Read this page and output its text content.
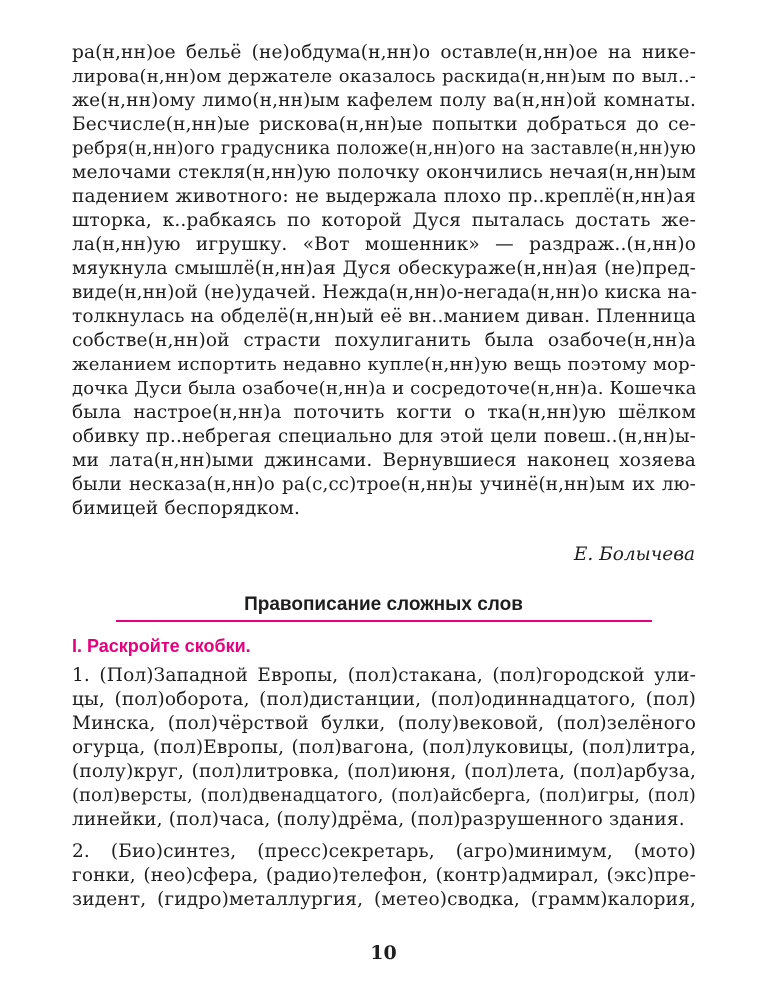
ра(н,нн)ое бельё (не)обдума(н,нн)о оставле(н,нн)ое на нике-
лирова(н,нн)ом держателе оказалось раскида(н,нн)ым по выл..-
же(н,нн)ому лимо(н,нн)ым кафелем полу ва(н,нн)ой комнаты.
Бесчисле(н,нн)ые рискова(н,нн)ые попытки добраться до се-
ребря(н,нн)ого градусника положе(н,нн)ого на заставле(н,нн)ую
мелочами стекля(н,нн)ую полочку окончились нечая(н,нн)ым
падением животного: не выдержала плохо пр..креплё(н,нн)ая
шторка, к..рабкаясь по которой Дуся пыталась достать же-
ла(н,нн)ую игрушку. «Вот мошенник» — раздраж..(н,нн)о
мяукнула смышлё(н,нн)ая Дуся обескураже(н,нн)ая (не)пред-
виде(н,нн)ой (не)удачей. Нежда(н,нн)о-негада(н,нн)о киска на-
толкнулась на обделё(н,нн)ый её вн..манием диван. Пленница
собстве(н,нн)ой страсти похулиганить была озабоче(н,нн)а
желанием испортить недавно купле(н,нн)ую вещь поэтому мор-
дочка Дуси была озабоче(н,нн)а и сосредоточе(н,нн)а. Кошечка
была настрое(н,нн)а поточить когти о тка(н,нн)ую шёлком
обивку пр..небрегая специально для этой цели повеш..(н,нн)ы-
ми лата(н,нн)ыми джинсами. Вернувшиеся наконец хозяева
были несказа(н,нн)о ра(с,сс)трое(н,нн)ы учинё(н,нн)ым их лю-
бимицей беспорядком.
Е. Болычева
Правописание сложных слов
I. Раскройте скобки.
1. (Пол)Западной Европы, (пол)стакана, (пол)городской ули-
цы, (пол)оборота, (пол)дистанции, (пол)одиннадцатого, (пол)
Минска, (пол)чёрствой булки, (полу)вековой, (пол)зелёного
огурца, (пол)Европы, (пол)вагона, (пол)луковицы, (пол)литра,
(полу)круг, (пол)литровка, (пол)июня, (пол)лета, (пол)арбуза,
(пол)версты, (пол)двенадцатого, (пол)айсберга, (пол)игры, (пол)
линейки, (пол)часа, (полу)дрёма, (пол)разрушенного здания.
2. (Био)синтез, (пресс)секретарь, (агро)минимум, (мото)
гонки, (нео)сфера, (радио)телефон, (контр)адмирал, (экс)пре-
зидент, (гидро)металлургия, (метео)сводка, (грамм)калория,
10
